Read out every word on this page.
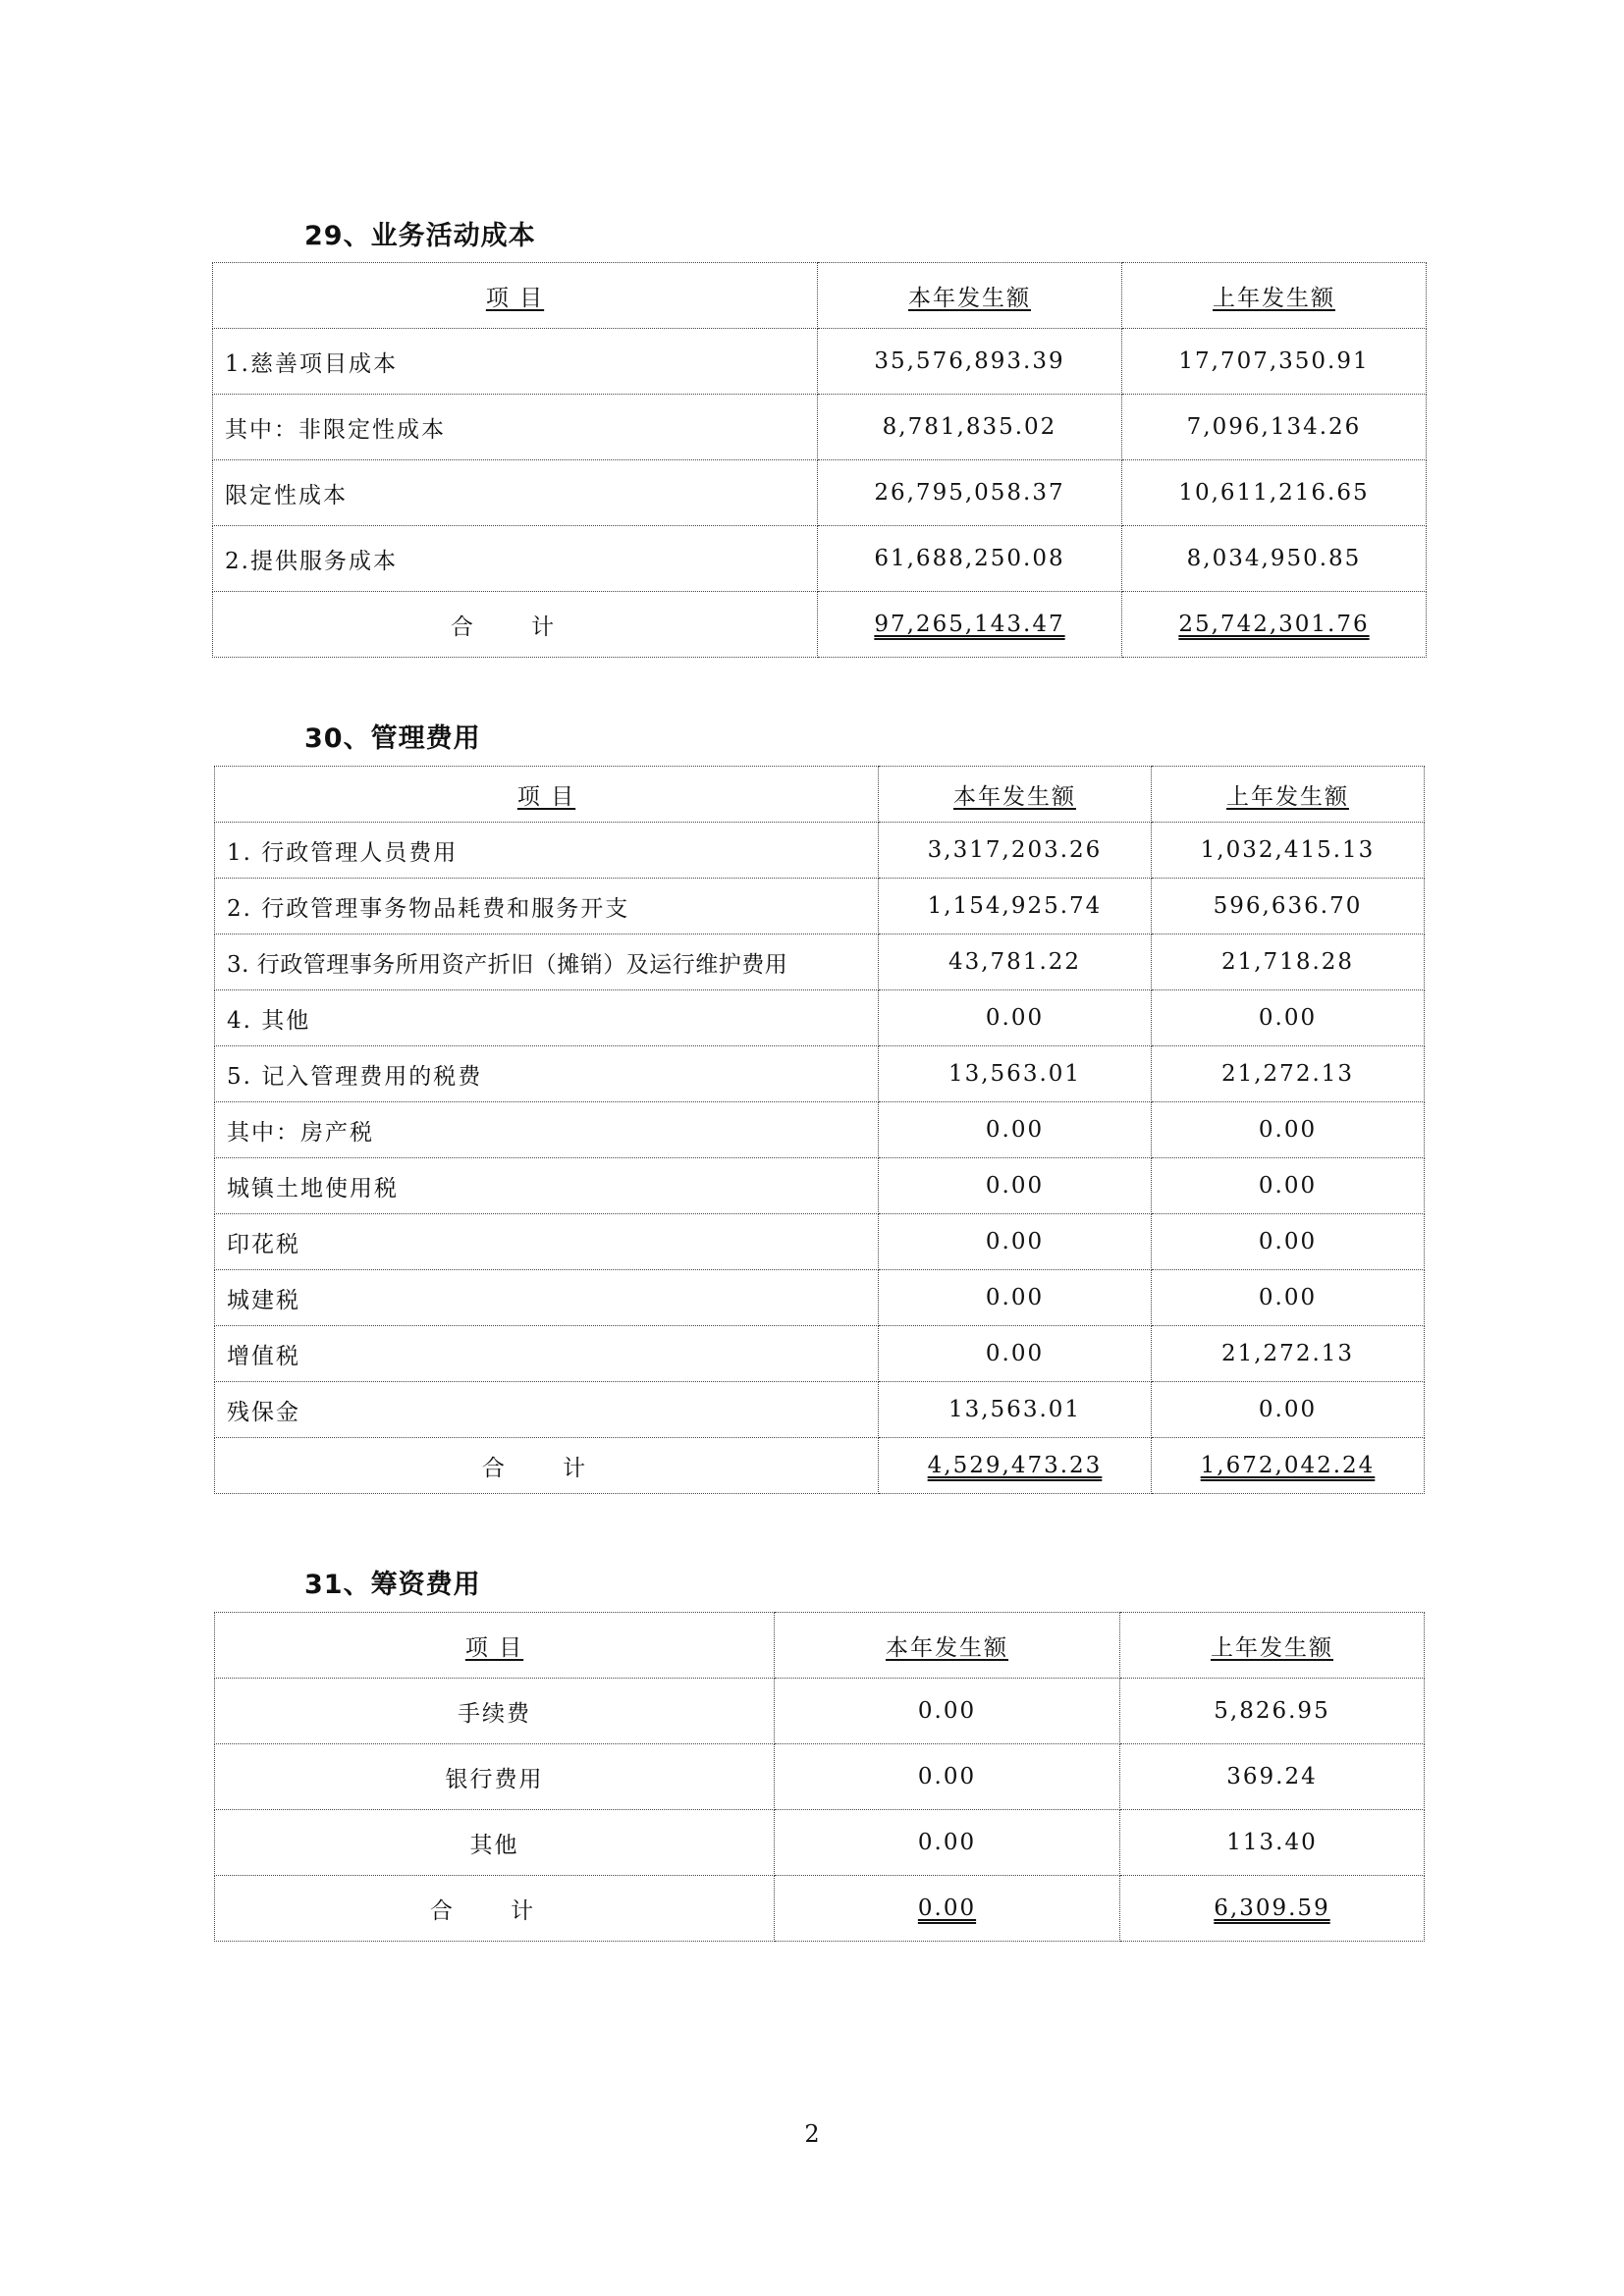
29、业务活动成本
项 目	本年发生额	上年发生额
1.慈善项目成本	35,576,893.39	17,707,350.91
其中：非限定性成本	8,781,835.02	7,096,134.26
限定性成本	26,795,058.37	10,611,216.65
2.提供服务成本	61,688,250.08	8,034,950.85
合 计	97,265,143.47	25,742,301.76
30、管理费用
项 目	本年发生额	上年发生额
1. 行政管理人员费用	3,317,203.26	1,032,415.13
2. 行政管理事务物品耗费和服务开支	1,154,925.74	596,636.70
3. 行政管理事务所用资产折旧（摊销）及运行维护费用	43,781.22	21,718.28
4. 其他	0.00	0.00
5. 记入管理费用的税费	13,563.01	21,272.13
其中：房产税	0.00	0.00
城镇土地使用税	0.00	0.00
印花税	0.00	0.00
城建税	0.00	0.00
增值税	0.00	21,272.13
残保金	13,563.01	0.00
合 计	4,529,473.23	1,672,042.24
31、筹资费用
项 目	本年发生额	上年发生额
手续费	0.00	5,826.95
银行费用	0.00	369.24
其他	0.00	113.40
合 计	0.00	6,309.59
2
